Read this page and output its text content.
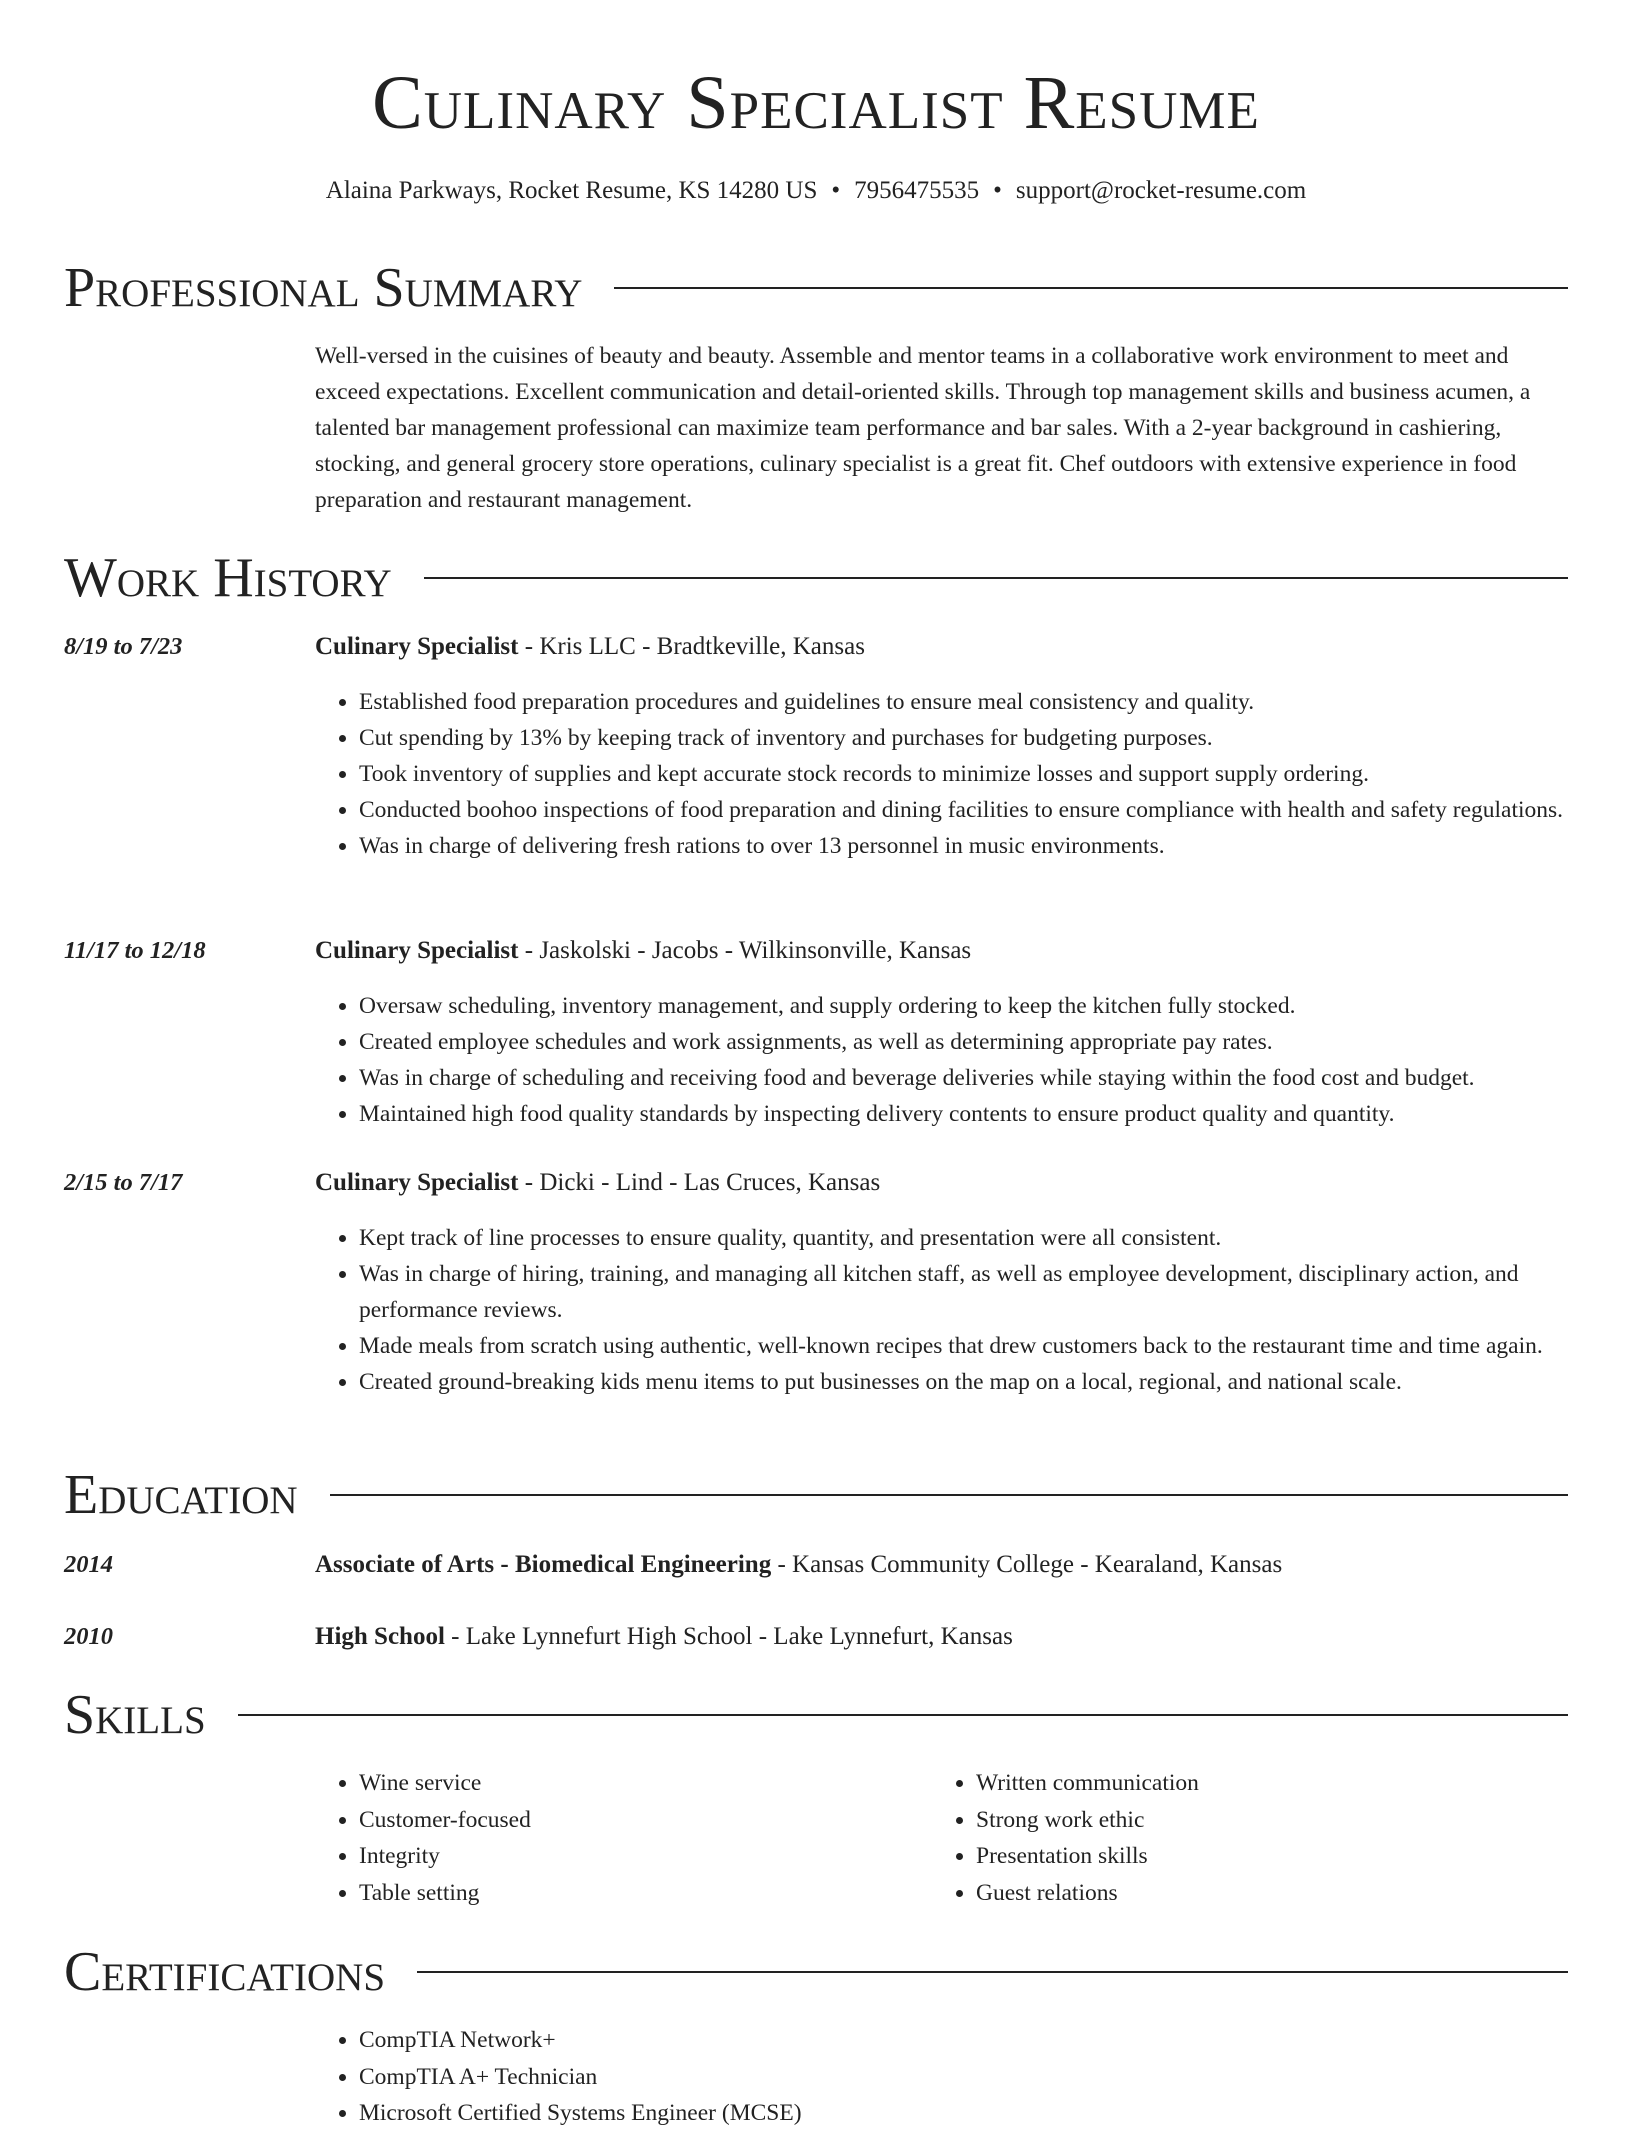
Culinary Specialist Resume
Alaina Parkways, Rocket Resume, KS 14280 US • 7956475535 • support@rocket-resume.com
Professional Summary

Well-versed in the cuisines of beauty and beauty. Assemble and mentor teams in a collaborative work environment to meet and exceed expectations. Excellent communication and detail-oriented skills. Through top management skills and business acumen, a talented bar management professional can maximize team performance and bar sales. With a 2-year background in cashiering, stocking, and general grocery store operations, culinary specialist is a great fit. Chef outdoors with extensive experience in food preparation and restaurant management.

Work History
8/19 to 7/23	Culinary Specialist - Kris LLC - Bradtkeville, Kansas
• Established food preparation procedures and guidelines to ensure meal consistency and quality.
• Cut spending by 13% by keeping track of inventory and purchases for budgeting purposes.
• Took inventory of supplies and kept accurate stock records to minimize losses and support supply ordering.
• Conducted boohoo inspections of food preparation and dining facilities to ensure compliance with health and safety regulations.
• Was in charge of delivering fresh rations to over 13 personnel in music environments.
11/17 to 12/18	Culinary Specialist - Jaskolski - Jacobs - Wilkinsonville, Kansas
• Oversaw scheduling, inventory management, and supply ordering to keep the kitchen fully stocked.
• Created employee schedules and work assignments, as well as determining appropriate pay rates.
• Was in charge of scheduling and receiving food and beverage deliveries while staying within the food cost and budget.
• Maintained high food quality standards by inspecting delivery contents to ensure product quality and quantity.
2/15 to 7/17	Culinary Specialist - Dicki - Lind - Las Cruces, Kansas
• Kept track of line processes to ensure quality, quantity, and presentation were all consistent.
• Was in charge of hiring, training, and managing all kitchen staff, as well as employee development, disciplinary action, and performance reviews.
• Made meals from scratch using authentic, well-known recipes that drew customers back to the restaurant time and time again.
• Created ground-breaking kids menu items to put businesses on the map on a local, regional, and national scale.
Education
2014	Associate of Arts - Biomedical Engineering - Kansas Community College - Kearaland, Kansas
2010	High School - Lake Lynnefurt High School - Lake Lynnefurt, Kansas
Skills
• Wine service
• Customer-focused
• Integrity
• Table setting
• Written communication
• Strong work ethic
• Presentation skills
• Guest relations
Certifications
• CompTIA Network+
• CompTIA A+ Technician
• Microsoft Certified Systems Engineer (MCSE)
